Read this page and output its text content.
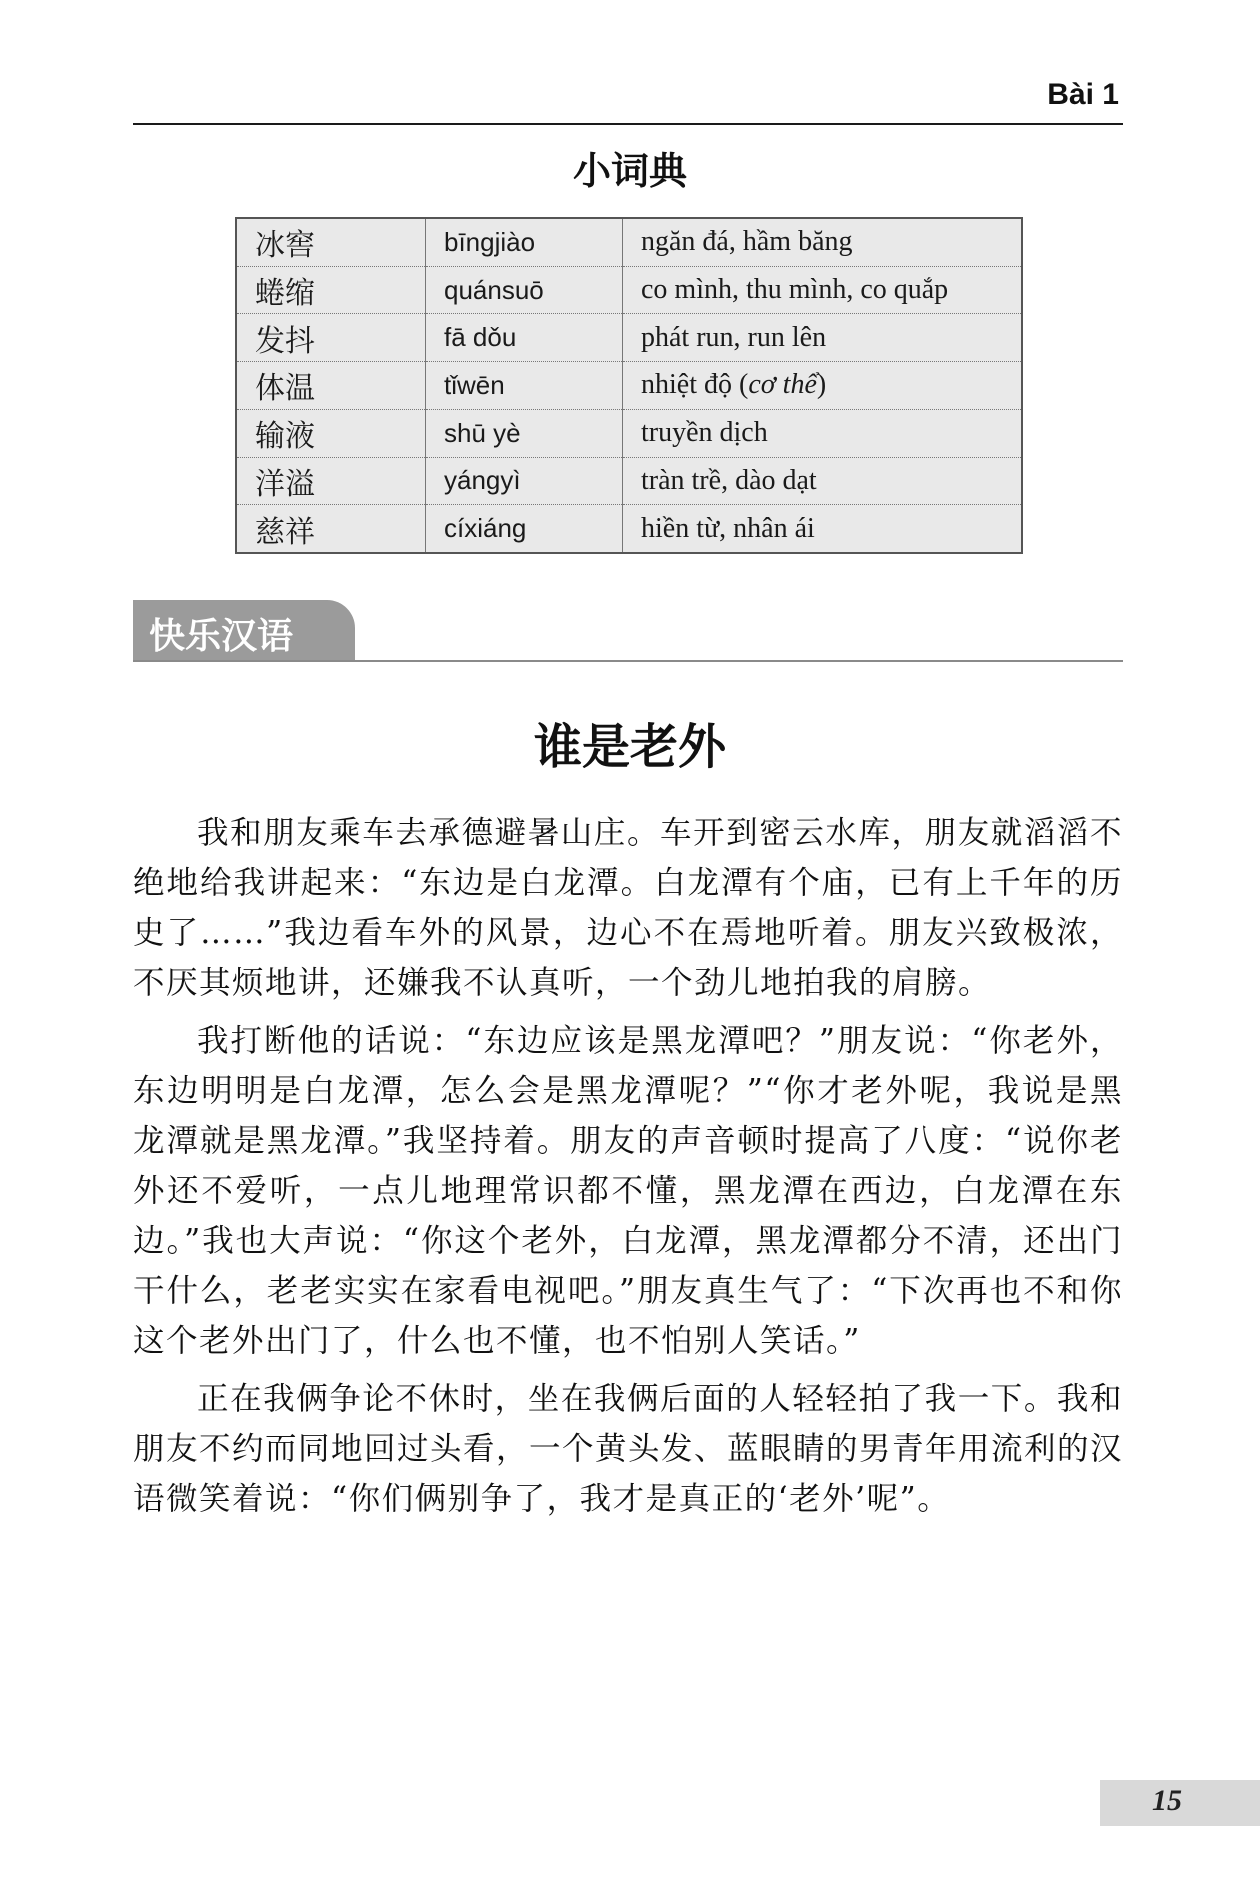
Bài 1
小词典
冰窖	bīngjiào	ngăn đá, hầm băng
蜷缩	quánsuō	co mình, thu mình, co quắp
发抖	fā dǒu	phát run, run lên
体温	tǐwēn	nhiệt độ (cơ thể)
输液	shū yè	truyền dịch
洋溢	yángyì	tràn trề, dào dạt
慈祥	cíxiáng	hiền từ, nhân ái
快乐汉语
谁是老外

我和朋友乘车去承德避暑山庄。车开到密云水库，朋友就滔滔不绝地给我讲起来：“东边是白龙潭。白龙潭有个庙，已有上千年的历史了……”我边看车外的风景，边心不在焉地听着。朋友兴致极浓，不厌其烦地讲，还嫌我不认真听，一个劲儿地拍我的肩膀。

我打断他的话说：“东边应该是黑龙潭吧？”朋友说：“你老外，东边明明是白龙潭，怎么会是黑龙潭呢？”“你才老外呢，我说是黑龙潭就是黑龙潭。”我坚持着。朋友的声音顿时提高了八度：“说你老外还不爱听，一点儿地理常识都不懂，黑龙潭在西边，白龙潭在东边。”我也大声说：“你这个老外，白龙潭，黑龙潭都分不清，还出门干什么，老老实实在家看电视吧。”朋友真生气了：“下次再也不和你这个老外出门了，什么也不懂，也不怕别人笑话。”

正在我俩争论不休时，坐在我俩后面的人轻轻拍了我一下。我和朋友不约而同地回过头看，一个黄头发、蓝眼睛的男青年用流利的汉语微笑着说：“你们俩别争了，我才是真正的‘老外’呢”。

15
